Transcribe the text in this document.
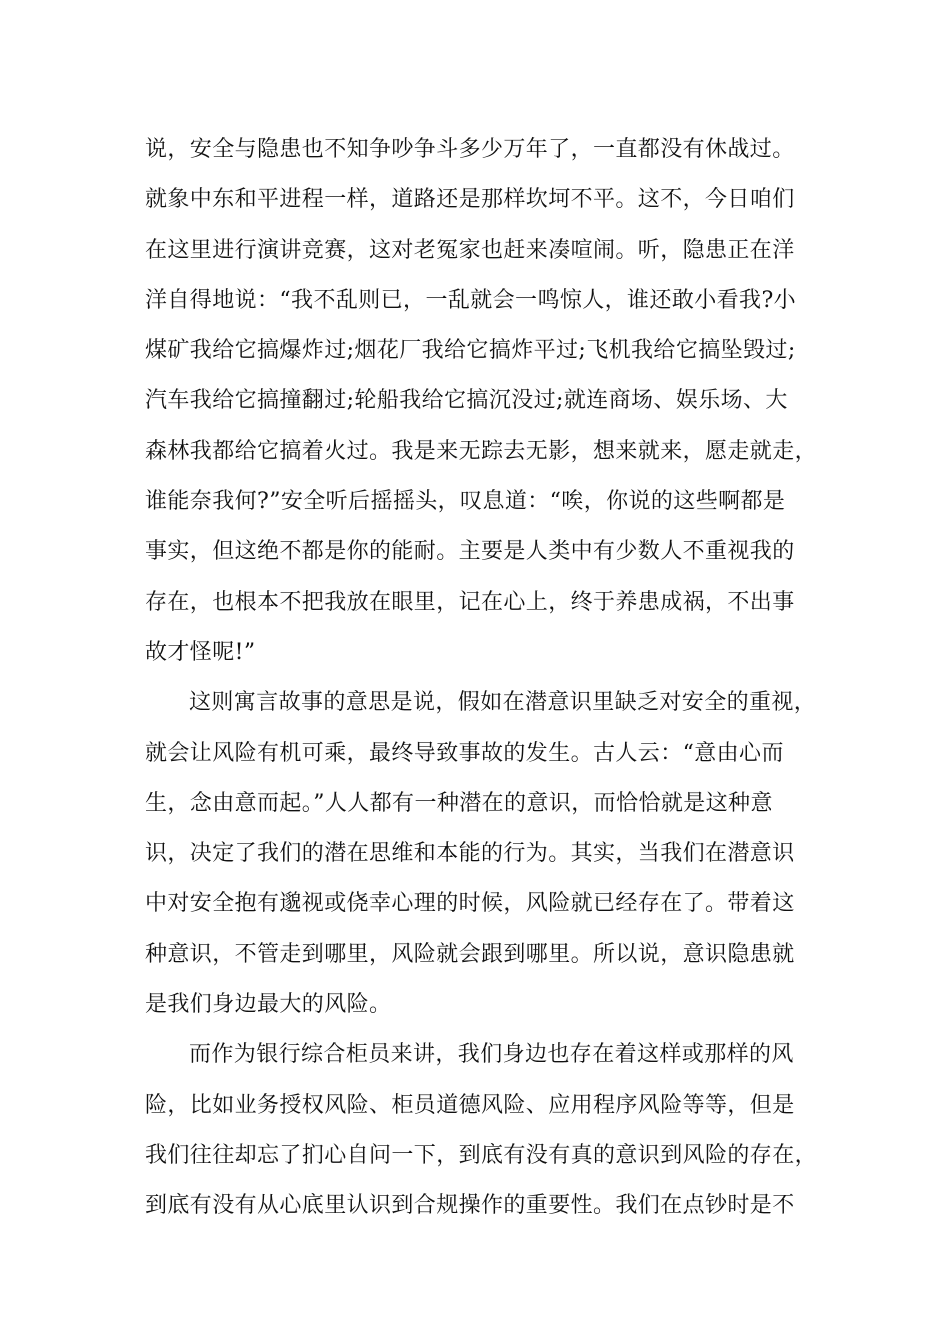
说，安全与隐患也不知争吵争斗多少万年了，一直都没有休战过。
就象中东和平进程一样，道路还是那样坎坷不平。这不，今日咱们
在这里进行演讲竞赛，这对老冤家也赶来凑喧闹。听，隐患正在洋
洋自得地说：“我不乱则已，一乱就会一鸣惊人，谁还敢小看我?小
煤矿我给它搞爆炸过;烟花厂我给它搞炸平过;飞机我给它搞坠毁过;
汽车我给它搞撞翻过;轮船我给它搞沉没过;就连商场、娱乐场、大
森林我都给它搞着火过。我是来无踪去无影，想来就来，愿走就走，
谁能奈我何?”安全听后摇摇头，叹息道：“唉，你说的这些啊都是
事实，但这绝不都是你的能耐。主要是人类中有少数人不重视我的
存在，也根本不把我放在眼里，记在心上，终于养患成祸，不出事
故才怪呢!”
这则寓言故事的意思是说，假如在潜意识里缺乏对安全的重视，
就会让风险有机可乘，最终导致事故的发生。古人云：“意由心而
生，念由意而起。”人人都有一种潜在的意识，而恰恰就是这种意
识，决定了我们的潜在思维和本能的行为。其实，当我们在潜意识
中对安全抱有邈视或侥幸心理的时候，风险就已经存在了。带着这
种意识，不管走到哪里，风险就会跟到哪里。所以说，意识隐患就
是我们身边最大的风险。
而作为银行综合柜员来讲，我们身边也存在着这样或那样的风
险，比如业务授权风险、柜员道德风险、应用程序风险等等，但是
我们往往却忘了扪心自问一下，到底有没有真的意识到风险的存在，
到底有没有从心底里认识到合规操作的重要性。我们在点钞时是不
